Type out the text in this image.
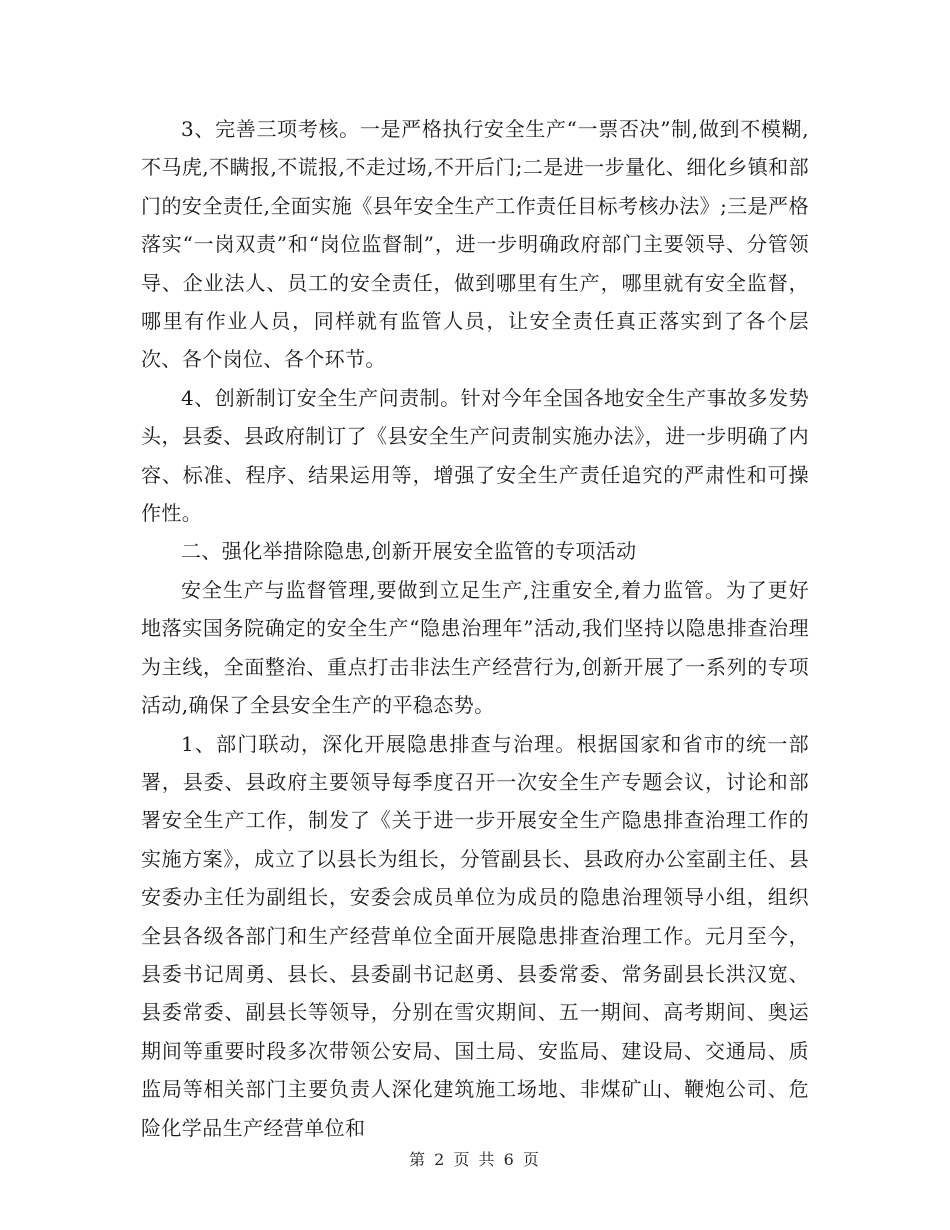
3、完善三项考核。一是严格执行安全生产“一票否决”制,做到不模糊,不马虎,不瞒报,不谎报,不走过场,不开后门;二是进一步量化、细化乡镇和部门的安全责任,全面实施《县年安全生产工作责任目标考核办法》;三是严格落实“一岗双责”和“岗位监督制”，进一步明确政府部门主要领导、分管领导、企业法人、员工的安全责任，做到哪里有生产，哪里就有安全监督，哪里有作业人员，同样就有监管人员，让安全责任真正落实到了各个层次、各个岗位、各个环节。

4、创新制订安全生产问责制。针对今年全国各地安全生产事故多发势头，县委、县政府制订了《县安全生产问责制实施办法》，进一步明确了内容、标准、程序、结果运用等，增强了安全生产责任追究的严肃性和可操作性。

二、强化举措除隐患,创新开展安全监管的专项活动

安全生产与监督管理,要做到立足生产,注重安全,着力监管。为了更好地落实国务院确定的安全生产“隐患治理年”活动,我们坚持以隐患排查治理为主线，全面整治、重点打击非法生产经营行为,创新开展了一系列的专项活动,确保了全县安全生产的平稳态势。

1、部门联动，深化开展隐患排查与治理。根据国家和省市的统一部署，县委、县政府主要领导每季度召开一次安全生产专题会议，讨论和部署安全生产工作，制发了《关于进一步开展安全生产隐患排查治理工作的实施方案》，成立了以县长为组长，分管副县长、县政府办公室副主任、县安委办主任为副组长，安委会成员单位为成员的隐患治理领导小组，组织全县各级各部门和生产经营单位全面开展隐患排查治理工作。元月至今，县委书记周勇、县长、县委副书记赵勇、县委常委、常务副县长洪汉宽、县委常委、副县长等领导，分别在雪灾期间、五一期间、高考期间、奥运期间等重要时段多次带领公安局、国土局、安监局、建设局、交通局、质监局等相关部门主要负责人深化建筑施工场地、非煤矿山、鞭炮公司、危险化学品生产经营单位和

第 2 页 共 6 页
